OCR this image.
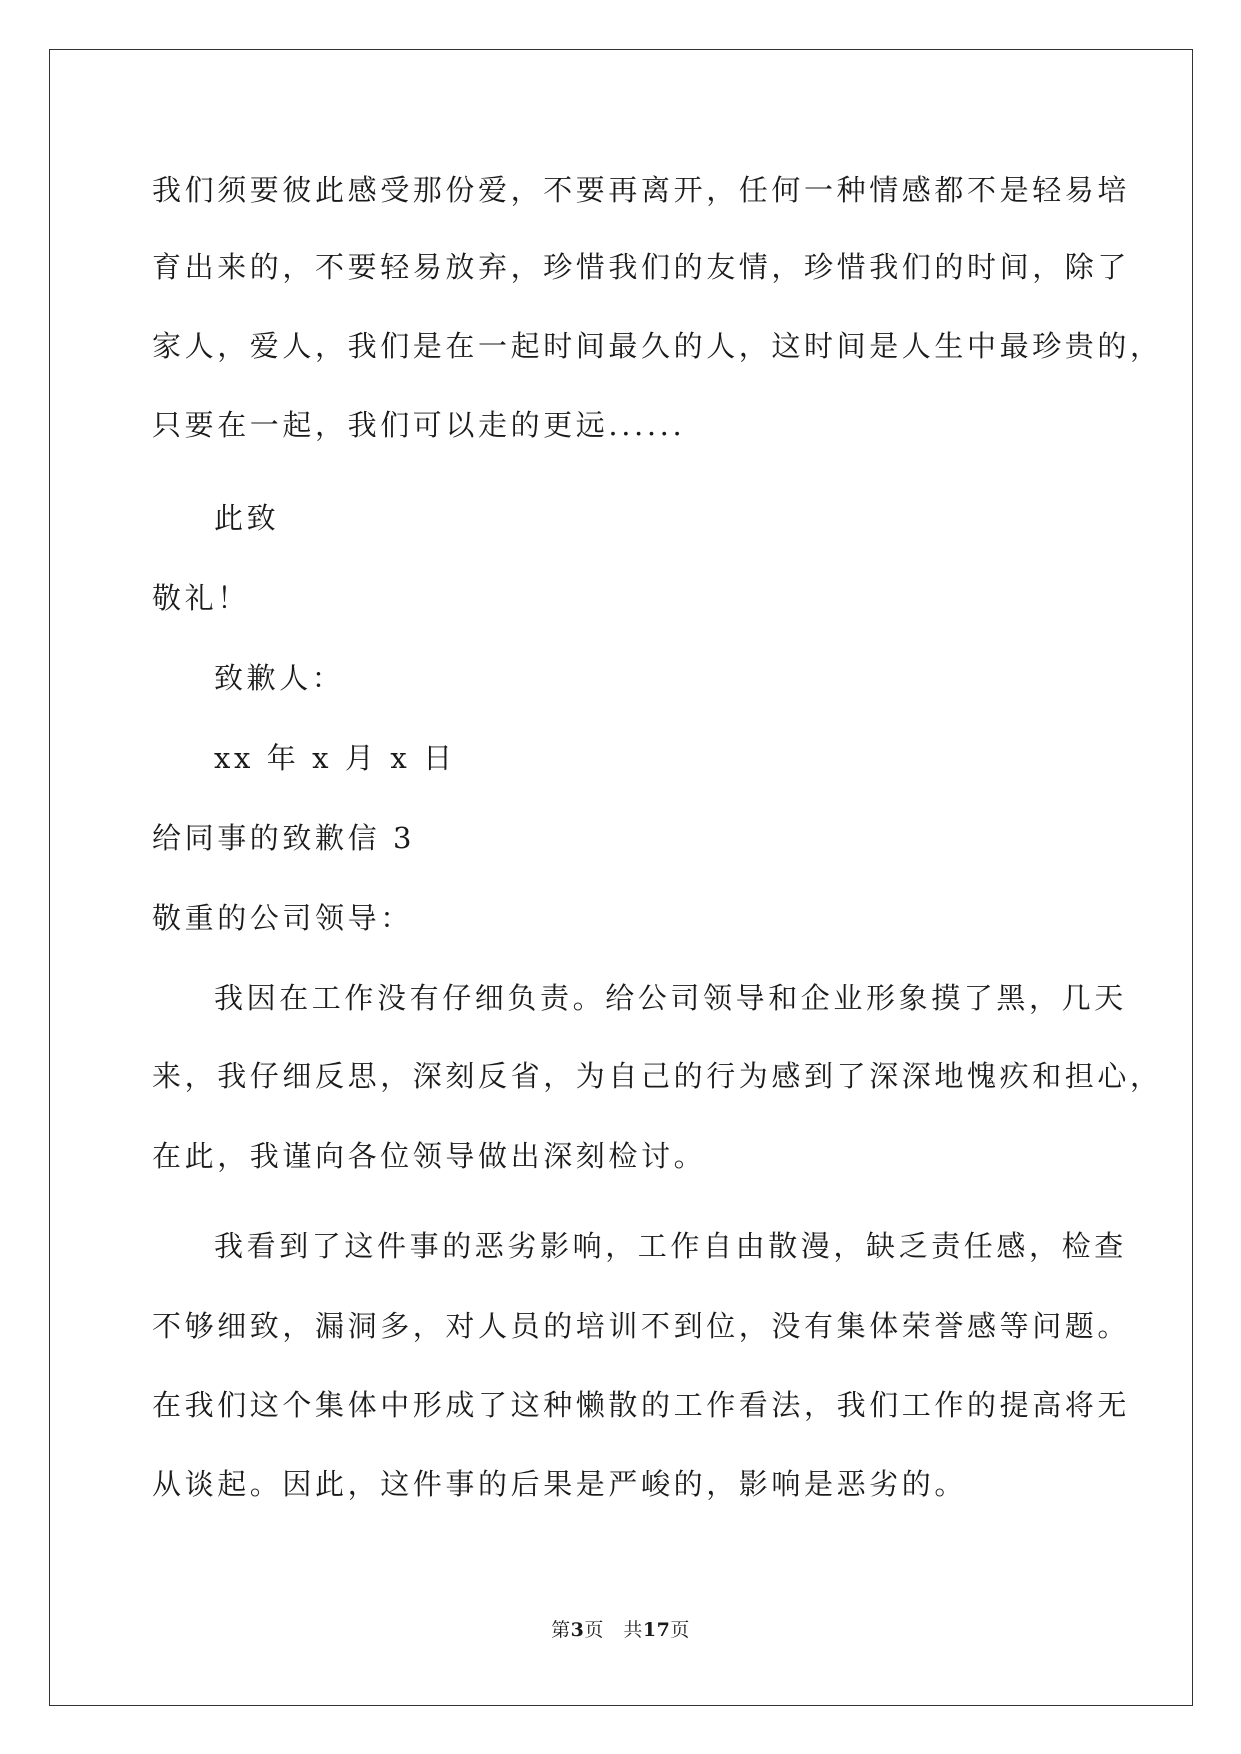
我们须要彼此感受那份爱，不要再离开，任何一种情感都不是轻易培
育出来的，不要轻易放弃，珍惜我们的友情，珍惜我们的时间，除了
家人，爱人，我们是在一起时间最久的人，这时间是人生中最珍贵的，
只要在一起，我们可以走的更远......
此致
敬礼！
致歉人：
xx 年 x 月 x 日
给同事的致歉信 3
敬重的公司领导：
我因在工作没有仔细负责。给公司领导和企业形象摸了黑，几天
来，我仔细反思，深刻反省，为自己的行为感到了深深地愧疚和担心，
在此，我谨向各位领导做出深刻检讨。
我看到了这件事的恶劣影响，工作自由散漫，缺乏责任感，检查
不够细致，漏洞多，对人员的培训不到位，没有集体荣誉感等问题。
在我们这个集体中形成了这种懒散的工作看法，我们工作的提高将无
从谈起。因此，这件事的后果是严峻的，影响是恶劣的。
第3页　共17页
